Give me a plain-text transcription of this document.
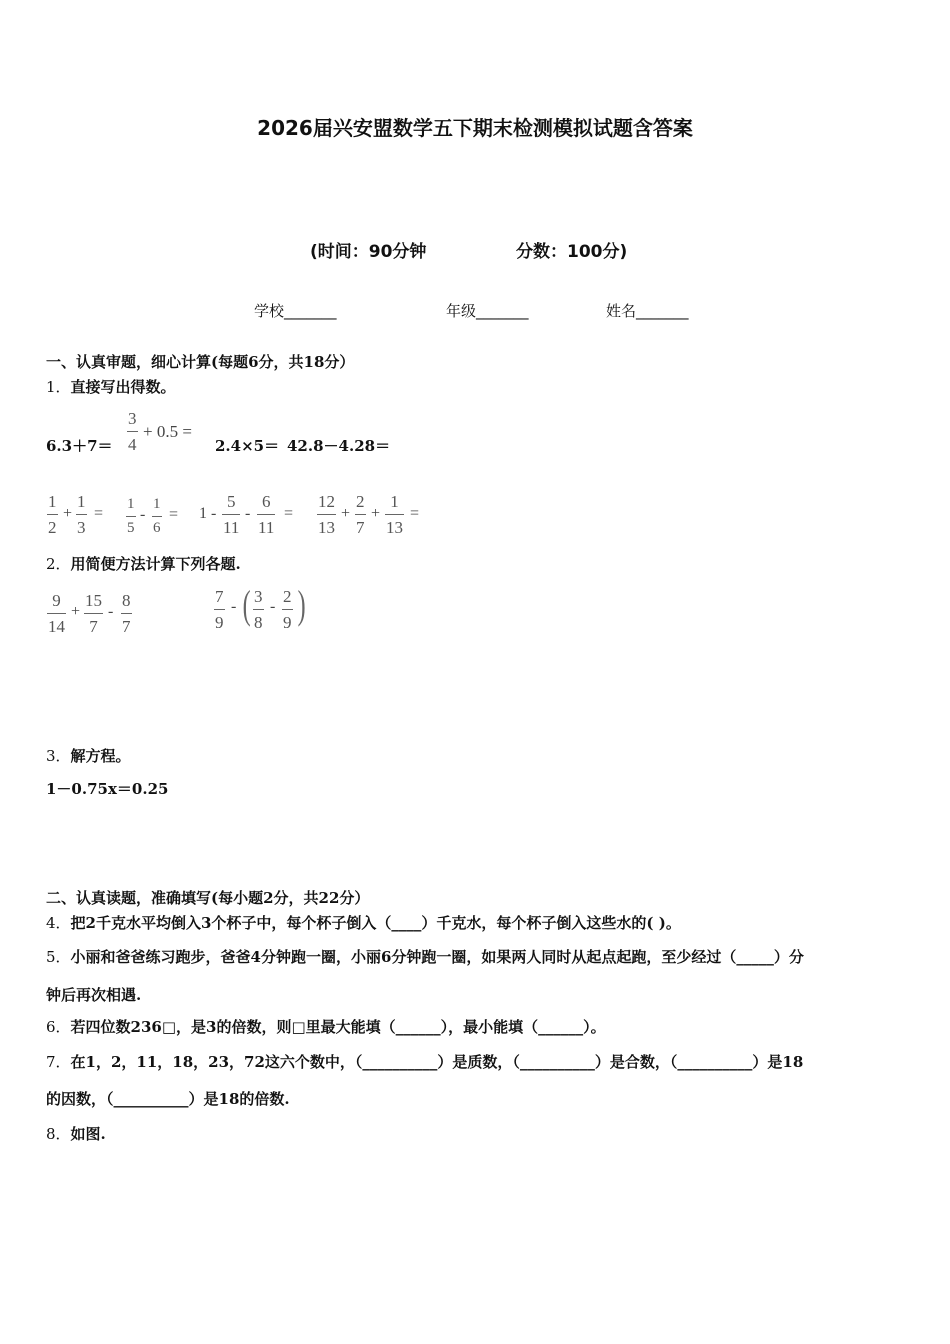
2026届兴安盟数学五下期末检测模拟试题含答案
(时间：90分钟	分数：100分)
学校_______	年级_______	姓名_______
一、认真审题，细心计算(每题6分，共18分）
1．直接写出得数。
6.3＋7＝
3
4
+ 0.5 =
2.4×5＝ 42.8－4.28＝
1
2
+
1
3
=
1
5
-
1
6
= 1 -
5
11
-
6
11
=
12
13
+
2
7
+
1
13
=
2．用简便方法计算下列各题.
9
14
+
15
7
-
8
7
7
9
- ( 3
8
-
2
9 )
3．解方程。
1－0.75x＝0.25
二、认真读题，准确填写(每小题2分，共22分）
4．把2千克水平均倒入3个杯子中，每个杯子倒入（____）千克水，每个杯子倒入这些水的( )。
5．小丽和爸爸练习跑步，爸爸4分钟跑一圈，小丽6分钟跑一圈，如果两人同时从起点起跑，至少经过（_____）分
钟后再次相遇.
6．若四位数236□，是3的倍数，则□里最大能填（______），最小能填（______）。
7．在1，2，11，18，23，72这六个数中，（__________）是质数，（__________）是合数，（__________）是18
的因数，（__________）是18的倍数.
8．如图.
